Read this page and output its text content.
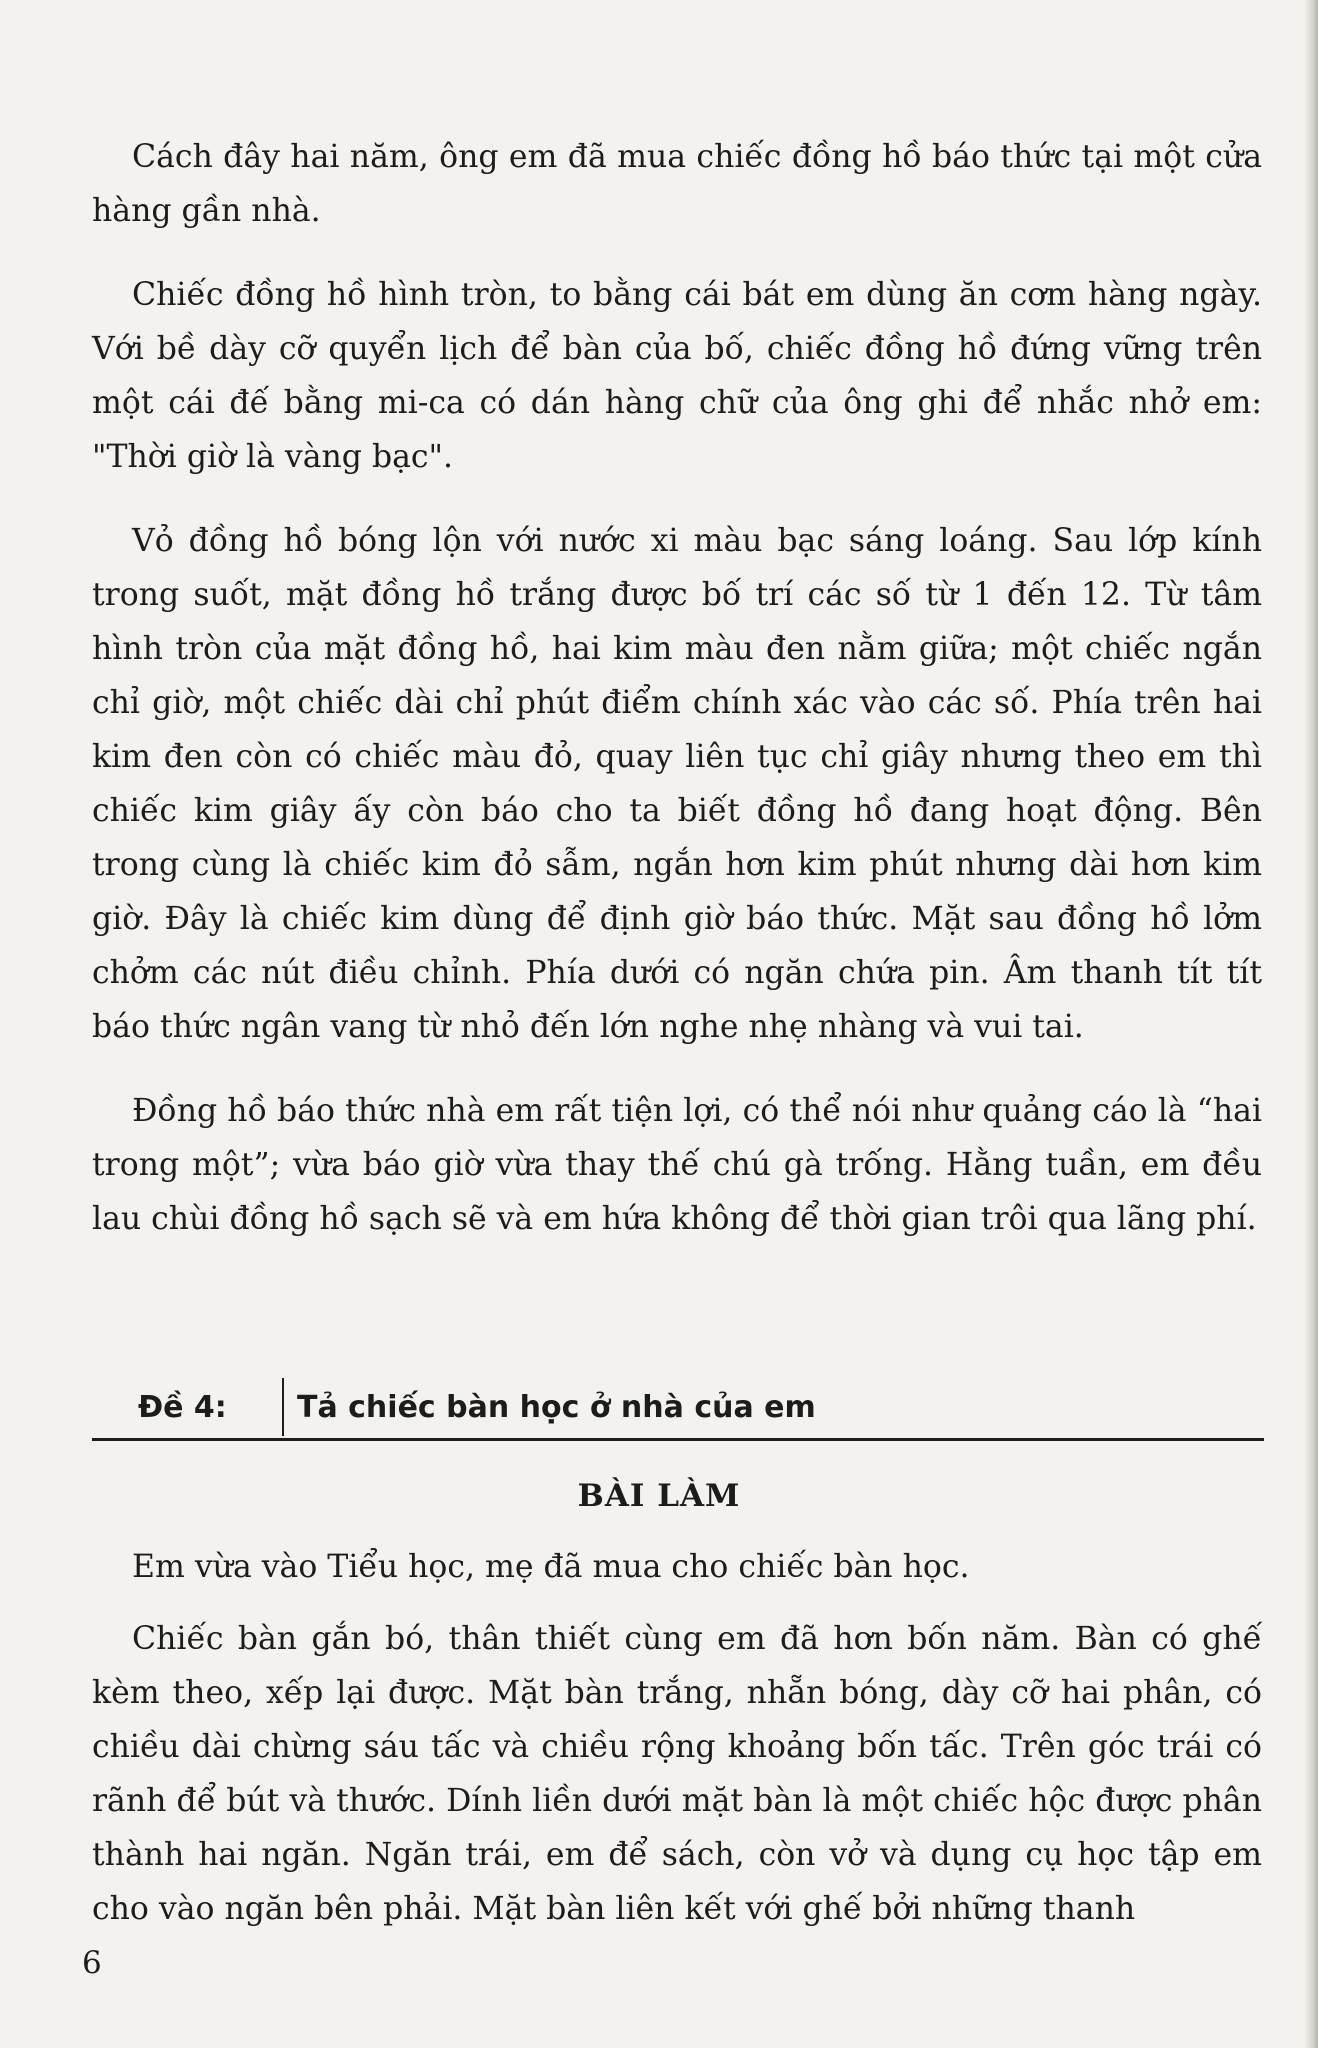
Cách đây hai năm, ông em đã mua chiếc đồng hồ báo thức tại một cửa hàng gần nhà.

Chiếc đồng hồ hình tròn, to bằng cái bát em dùng ăn cơm hàng ngày. Với bề dày cỡ quyển lịch để bàn của bố, chiếc đồng hồ đứng vững trên một cái đế bằng mi-ca có dán hàng chữ của ông ghi để nhắc nhở em: "Thời giờ là vàng bạc".

Vỏ đồng hồ bóng lộn với nước xi màu bạc sáng loáng. Sau lớp kính trong suốt, mặt đồng hồ trắng được bố trí các số từ 1 đến 12. Từ tâm hình tròn của mặt đồng hồ, hai kim màu đen nằm giữa; một chiếc ngắn chỉ giờ, một chiếc dài chỉ phút điểm chính xác vào các số. Phía trên hai kim đen còn có chiếc màu đỏ, quay liên tục chỉ giây nhưng theo em thì chiếc kim giây ấy còn báo cho ta biết đồng hồ đang hoạt động. Bên trong cùng là chiếc kim đỏ sẫm, ngắn hơn kim phút nhưng dài hơn kim giờ. Đây là chiếc kim dùng để định giờ báo thức. Mặt sau đồng hồ lởm chởm các nút điều chỉnh. Phía dưới có ngăn chứa pin. Âm thanh tít tít báo thức ngân vang từ nhỏ đến lớn nghe nhẹ nhàng và vui tai.

Đồng hồ báo thức nhà em rất tiện lợi, có thể nói như quảng cáo là “hai trong một”; vừa báo giờ vừa thay thế chú gà trống. Hằng tuần, em đều lau chùi đồng hồ sạch sẽ và em hứa không để thời gian trôi qua lãng phí.

Đề 4: Tả chiếc bàn học ở nhà của em
BÀI LÀM

Em vừa vào Tiểu học, mẹ đã mua cho chiếc bàn học.

Chiếc bàn gắn bó, thân thiết cùng em đã hơn bốn năm. Bàn có ghế kèm theo, xếp lại được. Mặt bàn trắng, nhẵn bóng, dày cỡ hai phân, có chiều dài chừng sáu tấc và chiều rộng khoảng bốn tấc. Trên góc trái có rãnh để bút và thước. Dính liền dưới mặt bàn là một chiếc hộc được phân thành hai ngăn. Ngăn trái, em để sách, còn vở và dụng cụ học tập em cho vào ngăn bên phải. Mặt bàn liên kết với ghế bởi những thanh

6
